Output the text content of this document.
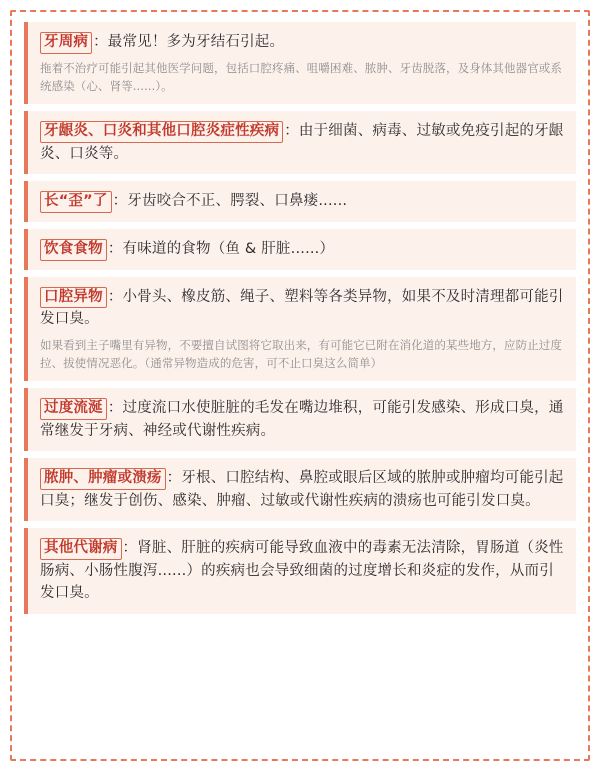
牙周病 ：最常见！多为牙结石引起。

拖着不治疗可能引起其他医学问题，包括口腔疼痛、咀嚼困难、脓肿、牙齿脱落，及身体其他器官或系统感染（心、肾等......）。

牙龈炎、口炎和其他口腔炎症性疾病 ：由于细菌、病毒、过敏或免疫引起的牙龈炎、口炎等。

长“歪”了 ：牙齿咬合不正、腭裂、口鼻瘘......

饮食食物 ：有味道的食物（鱼 & 肝脏......）

口腔异物 ：小骨头、橡皮筋、绳子、塑料等各类异物，如果不及时清理都可能引发口臭。

如果看到主子嘴里有异物，不要擅自试图将它取出来，有可能它已附在消化道的某些地方，应防止过度拉、拔使情况恶化。（通常异物造成的危害，可不止口臭这么简单）

过度流涎 ：过度流口水使脏脏的毛发在嘴边堆积，可能引发感染、形成口臭，通常继发于牙病、神经或代谢性疾病。

脓肿、肿瘤或溃疡 ：牙根、口腔结构、鼻腔或眼后区域的脓肿或肿瘤均可能引起口臭；继发于创伤、感染、肿瘤、过敏或代谢性疾病的溃疡也可能引发口臭。

其他代谢病 ：肾脏、肝脏的疾病可能导致血液中的毒素无法清除，胃肠道（炎性肠病、小肠性腹泻......）的疾病也会导致细菌的过度增长和炎症的发作，从而引发口臭。
